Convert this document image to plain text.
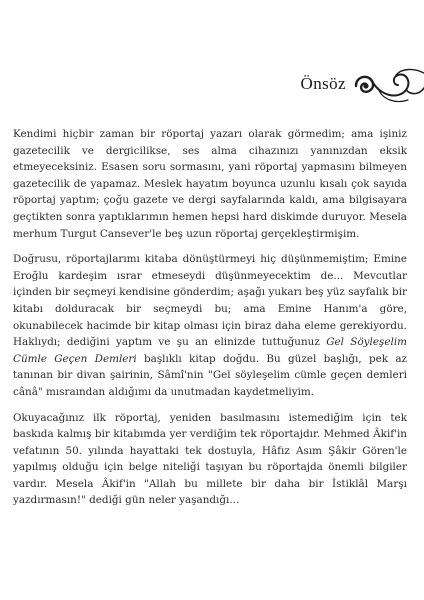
Önsöz

Kendimi hiçbir zaman bir röportaj yazarı olarak görmedim; ama işiniz gazetecilik ve dergicilikse, ses alma cihazınızı yanınızdan eksik etmeyeceksiniz. Esasen soru sormasını, yani röportaj yapmasını bilmeyen gazetecilik de yapamaz. Meslek hayatım boyunca uzunlu kısalı çok sayıda röportaj yaptım; çoğu gazete ve dergi sayfalarında kaldı, ama bilgisayara geçtikten sonra yaptıklarımın hemen hepsi hard diskimde duruyor. Mesela merhum Turgut Cansever'le beş uzun röportaj gerçekleştirmişim.

Doğrusu, röportajlarımı kitaba dönüştürmeyi hiç düşünmemiştim; Emine Eroğlu kardeşim ısrar etmeseydi düşünmeyecektim de... Mevcutlar içinden bir seçmeyi kendisine gönderdim; aşağı yukarı beş yüz sayfalık bir kitabı dolduracak bir seçmeydi bu; ama Emine Hanım'a göre, okunabilecek hacimde bir kitap olması için biraz daha eleme gerekiyordu. Haklıydı; dediğini yaptım ve şu an elinizde tuttuğunuz Gel Söyleşelim Cümle Geçen Demleri başlıklı kitap doğdu. Bu güzel başlığı, pek az tanınan bir divan şairinin, Sâmî'nin "Gel söyleşelim cümle geçen demleri cânâ" mısraından aldığımı da unutmadan kaydetmeliyim.

Okuyacağınız ilk röportaj, yeniden basılmasını istemediğim için tek baskıda kalmış bir kitabımda yer verdiğim tek röportajdır. Mehmed Âkif'in vefatının 50. yılında hayattaki tek dostuyla, Hâfız Asım Şâkir Gören'le yapılmış olduğu için belge niteliği taşıyan bu röportajda önemli bilgiler vardır. Mesela Âkif'in "Allah bu millete bir daha bir İstiklâl Marşı yazdırmasın!" dediği gün neler yaşandığı...
